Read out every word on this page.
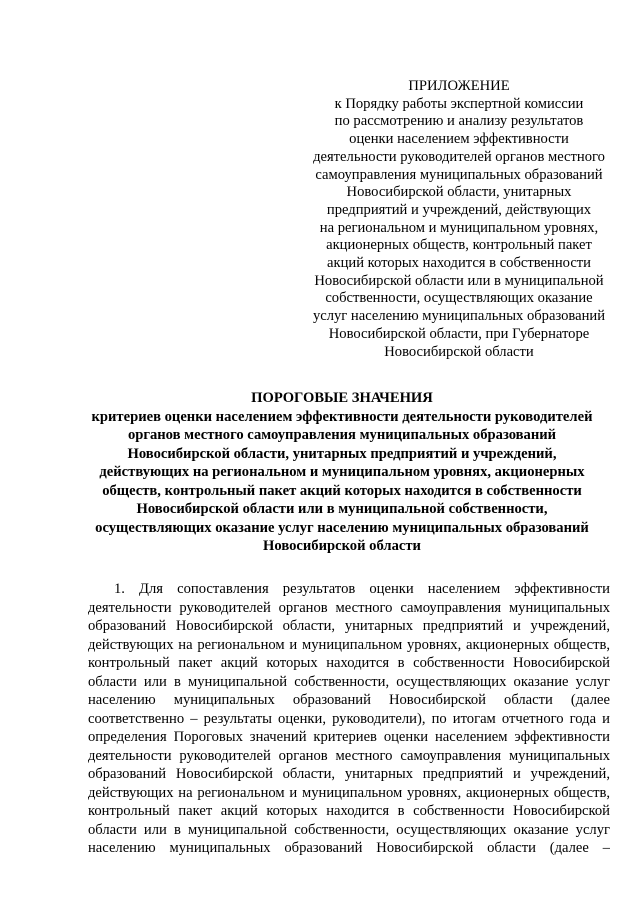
ПРИЛОЖЕНИЕ
к Порядку работы экспертной комиссии
по рассмотрению и анализу результатов
оценки населением эффективности
деятельности руководителей органов местного
самоуправления муниципальных образований
Новосибирской области, унитарных
предприятий и учреждений, действующих
на региональном и муниципальном уровнях,
акционерных обществ, контрольный пакет
акций которых находится в собственности
Новосибирской области или в муниципальной
собственности, осуществляющих оказание
услуг населению муниципальных образований
Новосибирской области, при Губернаторе
Новосибирской области
ПОРОГОВЫЕ ЗНАЧЕНИЯ
критериев оценки населением эффективности деятельности руководителей
органов местного самоуправления муниципальных образований
Новосибирской области, унитарных предприятий и учреждений,
действующих на региональном и муниципальном уровнях, акционерных
обществ, контрольный пакет акций которых находится в собственности
Новосибирской области или в муниципальной собственности,
осуществляющих оказание услуг населению муниципальных образований
Новосибирской области
1. Для сопоставления результатов оценки населением эффективности
деятельности руководителей органов местного самоуправления муниципальных
образований Новосибирской области, унитарных предприятий и учреждений,
действующих на региональном и муниципальном уровнях, акционерных обществ,
контрольный пакет акций которых находится в собственности Новосибирской
области или в муниципальной собственности, осуществляющих оказание услуг
населению муниципальных образований Новосибирской области (далее
соответственно – результаты оценки, руководители), по итогам отчетного года и
определения Пороговых значений критериев оценки населением эффективности
деятельности руководителей органов местного самоуправления муниципальных
образований Новосибирской области, унитарных предприятий и учреждений,
действующих на региональном и муниципальном уровнях, акционерных обществ,
контрольный пакет акций которых находится в собственности Новосибирской
области или в муниципальной собственности, осуществляющих оказание услуг
населению муниципальных образований Новосибирской области (далее –
